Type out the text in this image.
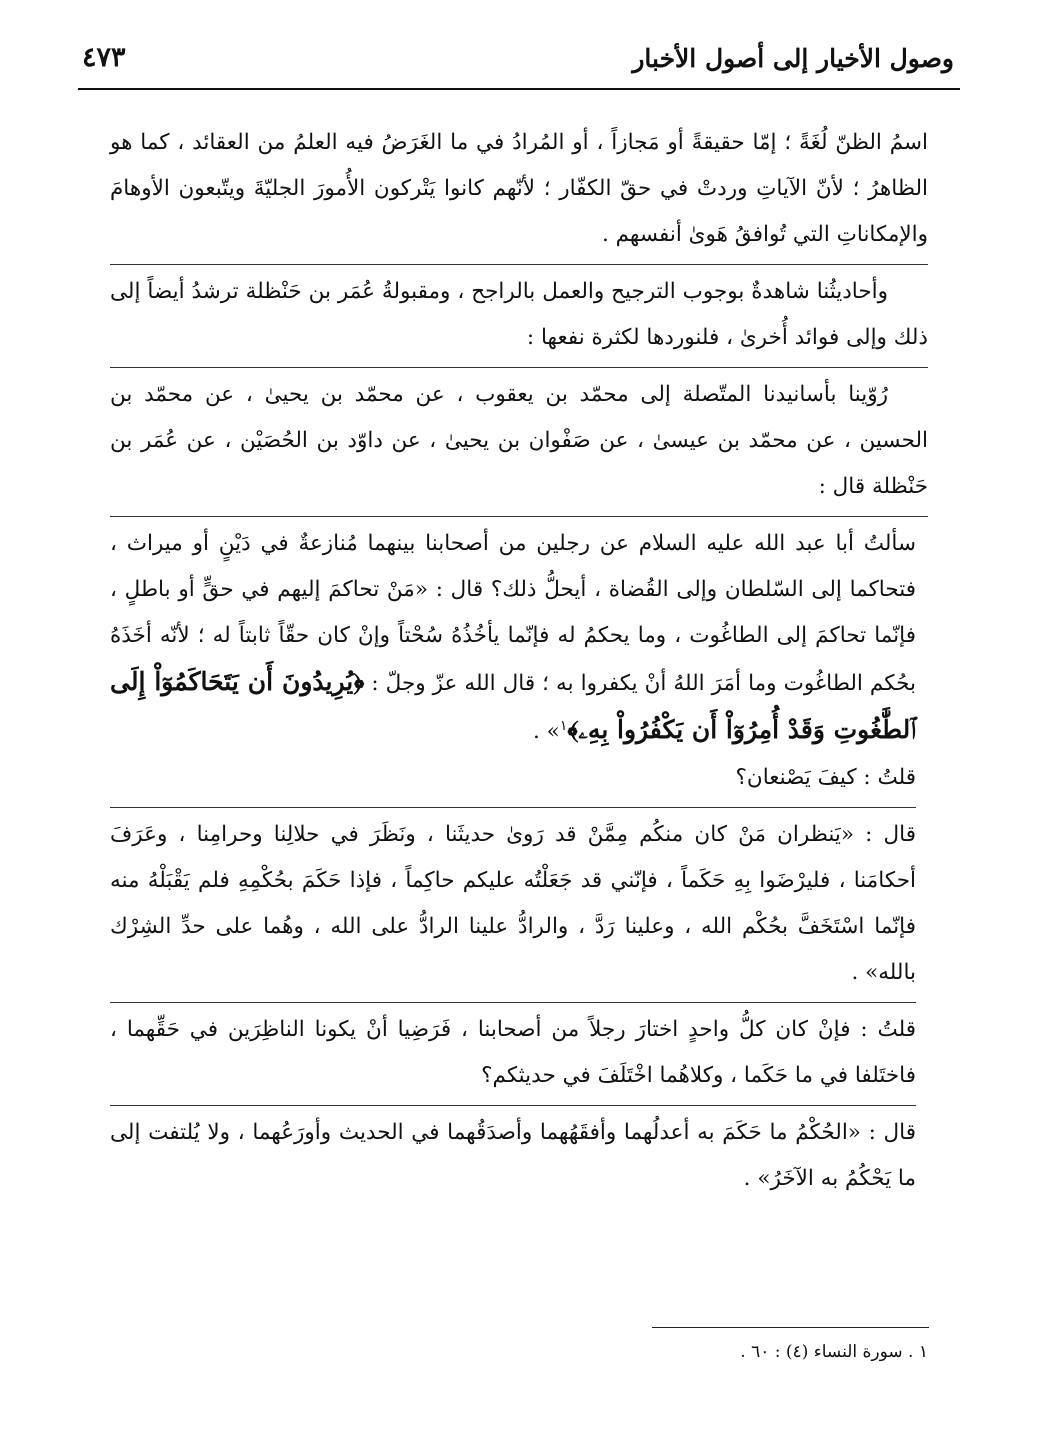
وصول الأخيار إلى أصول الأخبار
٤٧٣

اسمُ الظنّ لُغَةً ؛ إمّا حقيقةً أو مَجازاً ، أو المُرادُ في ما الغَرَضُ فيه العلمُ من العقائد ، كما هو الظاهرُ ؛ لأنّ الآياتِ وردتْ في حقّ الكفّار ؛ لأنّهم كانوا يَتْركون الأُمورَ الجليّةَ ويتّبعون الأوهامَ والإمكاناتِ التي تُوافقُ هَوىٰ أنفسهم .

وأحاديثُنا شاهدةٌ بوجوب الترجيح والعمل بالراجح ، ومقبولةُ عُمَر بن حَنْظلة ترشدُ أيضاً إلى ذلك وإلى فوائد أُخرىٰ ، فلنوردها لكثرة نفعها :

رُوّينا بأسانيدنا المتّصلة إلى محمّد بن يعقوب ، عن محمّد بن يحيىٰ ، عن محمّد بن الحسين ، عن محمّد بن عيسىٰ ، عن صَفْوان بن يحيىٰ ، عن داوّد بن الحُصَيْن ، عن عُمَر بن حَنْظلة قال :

سألتُ أبا عبد الله عليه السلام عن رجلين من أصحابنا بينهما مُنازعةٌ في دَيْنٍ أو ميراث ، فتحاكما إلى السّلطان وإلى القُضاة ، أيحلُّ ذلك؟ قال : «مَنْ تحاكمَ إليهم في حقٍّ أو باطلٍ ، فإنّما تحاكمَ إلى الطاغُوت ، وما يحكمُ له فإنّما يأخُذُهُ سُحْتاً وإنْ كان حقّاً ثابتاً له ؛ لأنّه أخَذَهُ بحُكم الطاغُوت وما أمَرَ اللهُ أنْ يكفروا به ؛ قال الله عزّ وجلّ : ﴿يُرِيدُونَ أَن يَتَحَاكَمُوٓاْ إِلَى ٱلطَّٰغُوتِ وَقَدْ أُمِرُوٓاْ أَن يَكْفُرُواْ بِهِۦ﴾$^١$» .

قلتُ : كيفَ يَصْنعان؟

قال : «يَنظران مَنْ كان منكُم مِمَّنْ قد رَوىٰ حديثَنا ، ونَظَرَ في حلالِنا وحرامِنا ، وعَرَفَ أحكامَنا ، فليرْضَوا بِهِ حَكَماً ، فإنّني قد جَعَلْتُه عليكم حاكِماً ، فإذا حَكَمَ بحُكْمِهِ فلم يَقْبَلْهُ منه فإنّما اسْتَخَفَّ بحُكْم الله ، وعلينا رَدَّ ، والرادُّ علينا الرادُّ على الله ، وهُما على حدِّ الشِرْك بالله» .

قلتُ : فإنْ كان كلُّ واحدٍ اختارَ رجلاً من أصحابنا ، فَرَضِيا أنْ يكونا الناظِرَين في حَقِّهما ، فاختَلفا في ما حَكَما ، وكلاهُما اخْتَلَفَ في حديثكم؟

قال : «الحُكْمُ ما حَكَمَ به أعدلُهما وأفقَهُهما وأصدَقُهما في الحديث وأورَعُهما ، ولا يُلتفت إلى ما يَحْكُمُ به الآخَرُ» .

١ . سورة النساء (٤) : ٦٠ .
